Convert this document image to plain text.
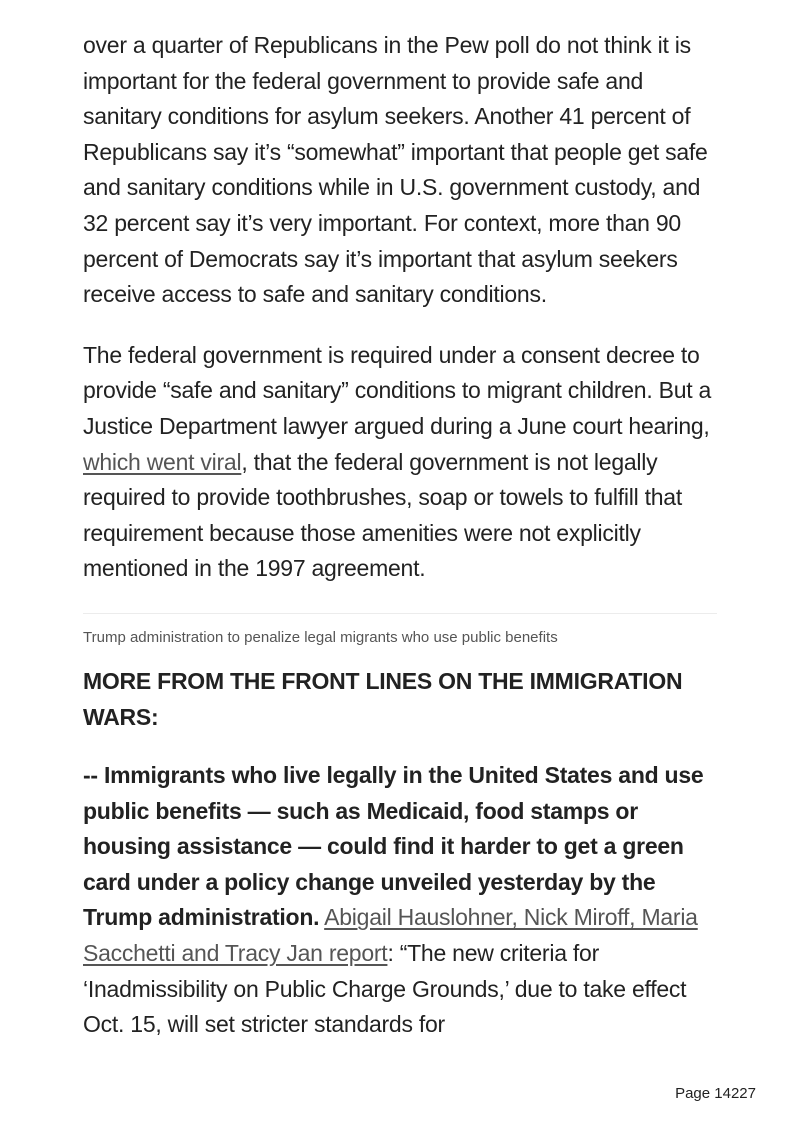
over a quarter of Republicans in the Pew poll do not think it is important for the federal government to provide safe and sanitary conditions for asylum seekers. Another 41 percent of Republicans say it’s “somewhat” important that people get safe and sanitary conditions while in U.S. government custody, and 32 percent say it’s very important. For context, more than 90 percent of Democrats say it’s important that asylum seekers receive access to safe and sanitary conditions.

The federal government is required under a consent decree to provide “safe and sanitary” conditions to migrant children. But a Justice Department lawyer argued during a June court hearing, which went viral, that the federal government is not legally required to provide toothbrushes, soap or towels to fulfill that requirement because those amenities were not explicitly mentioned in the 1997 agreement.

Trump administration to penalize legal migrants who use public benefits
MORE FROM THE FRONT LINES ON THE IMMIGRATION WARS:

-- Immigrants who live legally in the United States and use public benefits — such as Medicaid, food stamps or housing assistance — could find it harder to get a green card under a policy change unveiled yesterday by the Trump administration. Abigail Hauslohner, Nick Miroff, Maria Sacchetti and Tracy Jan report: “The new criteria for ‘Inadmissibility on Public Charge Grounds,’ due to take effect Oct. 15, will set stricter standards for

Page 14227
